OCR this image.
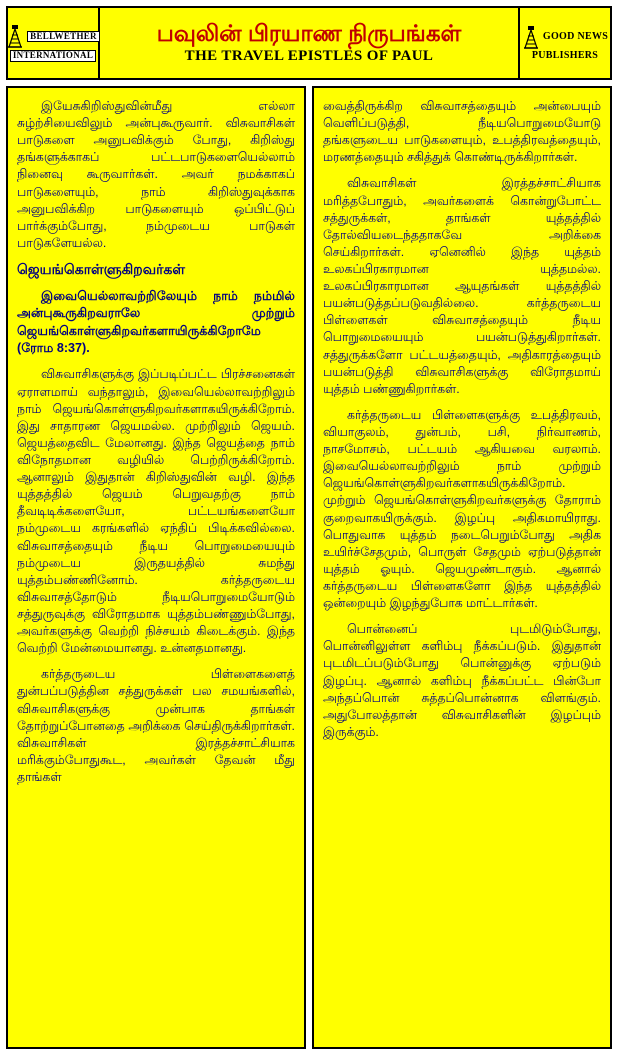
BELLWETHER
INTERNATIONAL
பவுலின் பிரயாண நிருபங்கள்
THE TRAVEL EPISTLES OF PAUL
GOOD NEWS
PUBLISHERS

இயேசுகிறிஸ்துவின்மீது எல்லா சுழ்ற்சியைவிலும் அன்புகூருவார். விசுவாசிகள் பாடுகளை அனுபவிக்கும் போது, கிறிஸ்து தங்களுக்காகப் பட்டபாடுகளையெல்லாம் நினைவு கூருவார்கள். அவர் நமக்காகப் பாடுகளையும், நாம் கிறிஸ்துவுக்காக அனுபவிக்கிற பாடுகளையும் ஒப்பிட்டுப் பார்க்கும்போது, நம்முடைய பாடுகள் பாடுகளேயல்ல.

ஜெயங்கொள்ளுகிறவர்கள்

இவையெல்லாவற்றிலேயும் நாம் நம்மில் அன்புகூருகிறவராலே முற்றும் ஜெயங்கொள்ளுகிறவர்களாயிருக்கிறோமே (ரோம 8:37).

விசுவாசிகளுக்கு இப்படிப்பட்ட பிரச்சனைகள் ஏராளமாய் வந்தாலும், இவையெல்லாவற்றிலும் நாம் ஜெயங்கொள்ளுகிறவர்களாகயிருக்கிறோம். இது சாதாரண ஜெயமல்ல. முற்றிலும் ஜெயம். ஜெயத்தைவிட மேலானது. இந்த ஜெயத்தை நாம் விநோதமான வழியில் பெற்றிருக்கிறோம். ஆனாலும் இதுதான் கிறிஸ்துவின் வழி. இந்த யுத்தத்தில் ஜெயம் பெறுவதற்கு நாம் தீவடிடிக்களையோ, பட்டயங்களையோ நம்முடைய கரங்களில் ஏந்திப் பிடிக்கவில்லை. விசுவாசத்தையும் நீடிய பொறுமையையும் நம்முடைய இருதயத்தில் சுமந்து யுத்தம்பண்ணினோம். கர்த்தருடைய விசுவாசத்தோடும் நீடியபொறுமையோடும் சத்துருவுக்கு விரோதமாக யுத்தம்பண்ணும்போது, அவர்களுக்கு வெற்றி நிச்சயம் கிடைக்கும். இந்த வெற்றி மேன்மையானது. உன்னதமானது.

கர்த்தருடைய பிள்ளைகளைத் துன்பப்படுத்தின சத்துருக்கள் பல சமயங்களில், விசுவாசிகளுக்கு முன்பாக தாங்கள் தோற்றுப்போனதை அறிக்கை செய்திருக்கிறார்கள். விசுவாசிகள் இரத்தச்சாட்சியாக மரிக்கும்போதுகூட, அவர்கள் தேவன் மீது தாங்கள்

வைத்திருக்கிற விசுவாசத்தையும் அன்பையும் வெளிப்படுத்தி, நீடியபொறுமையோடு தங்களுடைய பாடுகளையும், உபத்திரவத்தையும், மரணத்தையும் சகித்துக் கொண்டிருக்கிறார்கள்.

விசுவாசிகள் இரத்தச்சாட்சியாக மரித்தபோதும், அவர்களைக் கொன்றுபோட்ட சத்துருக்கள், தாங்கள் யுத்தத்தில் தோல்வியடைந்ததாகவே அறிக்கை செய்கிறார்கள். ஏனெனில் இந்த யுத்தம் உலகப்பிரகாரமான யுத்தமல்ல. உலகப்பிரகாரமான ஆயுதங்கள் யுத்தத்தில் பயன்படுத்தப்படுவதில்லை. கர்த்தருடைய பிள்ளைகள் விசுவாசத்தையும் நீடிய பொறுமையையும் பயன்படுத்துகிறார்கள். சத்துருக்களோ பட்டயத்தையும், அதிகாரத்தையும் பயன்படுத்தி விசுவாசிகளுக்கு விரோதமாய் யுத்தம் பண்ணுகிறார்கள்.

கர்த்தருடைய பிள்ளைகளுக்கு உபத்திரவம், வியாகுலம், துன்பம், பசி, நிர்வாணம், நாசமோசம், பட்டயம் ஆகியவை வரலாம். இவையெல்லாவற்றிலும் நாம் முற்றும் ஜெயங்கொள்ளுகிறவர்களாகயிருக்கிறோம். முற்றும் ஜெயங்கொள்ளுகிறவர்களுக்கு தோராம் குறைவாகயிருக்கும். இழப்பு அதிகமாயிராது. பொதுவாக யுத்தம் நடைபெறும்போது அதிக உயிர்ச்சேதமும், பொருள் சேதமும் ஏற்படுத்தான் யுத்தம் ஓயும். ஜெயமுண்டாகும். ஆனால் கர்த்தருடைய பிள்ளைகளோ இந்த யுத்தத்தில் ஒன்றையும் இழந்துபோக மாட்டார்கள்.

பொன்னைப் புடமிடும்போது, பொன்னிலுள்ள களிம்பு நீக்கப்படும். இதுதான் புடமிடப்படும்போது பொன்னுக்கு ஏற்படும் இழப்பு. ஆனால் களிம்பு நீக்கப்பட்ட பின்போ அந்தப்பொன் சுத்தப்பொன்னாக விளங்கும். அதுபோலத்தான் விசுவாசிகளின் இழப்பும் இருக்கும்.
